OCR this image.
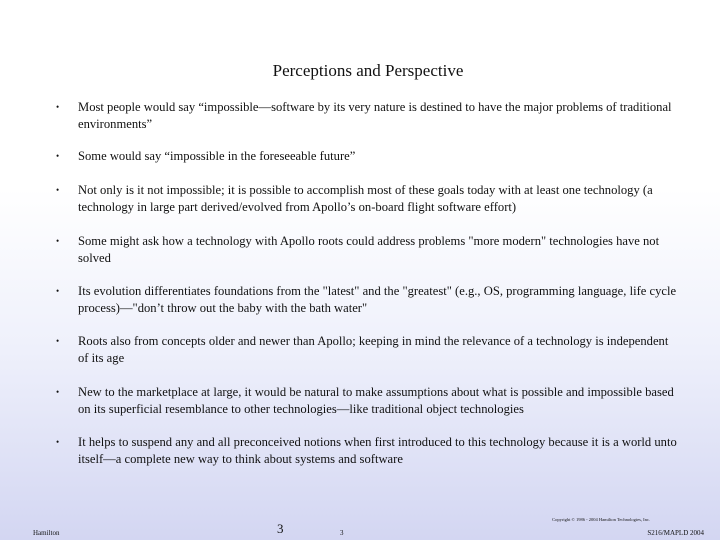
Perceptions and Perspective
• Most people would say “impossible—software by its very nature is destined to have the major problems of traditional environments”
• Some would say “impossible in the foreseeable future”
• Not only is it not impossible; it is possible to accomplish most of these goals today with at least one technology (a technology in large part derived/evolved from Apollo’s on-board flight software effort)
• Some might ask how a technology with Apollo roots could address problems "more modern" technologies have not solved
• Its evolution differentiates foundations from the "latest" and the "greatest" (e.g., OS, programming language, life cycle process)—"don’t throw out the baby with the bath water"
• Roots also from concepts older and newer than Apollo; keeping in mind the relevance of a technology is independent of its age
• New to the marketplace at large, it would be natural to make assumptions about what is possible and impossible based on its superficial resemblance to other technologies—like traditional object technologies
• It helps to suspend any and all preconceived notions when first introduced to this technology because it is a world unto itself—a complete new way to think about systems and software
Hamilton	3	3
Copyright © 1986 - 2004 Hamilton Technologies, Inc.
S216/MAPLD 2004
